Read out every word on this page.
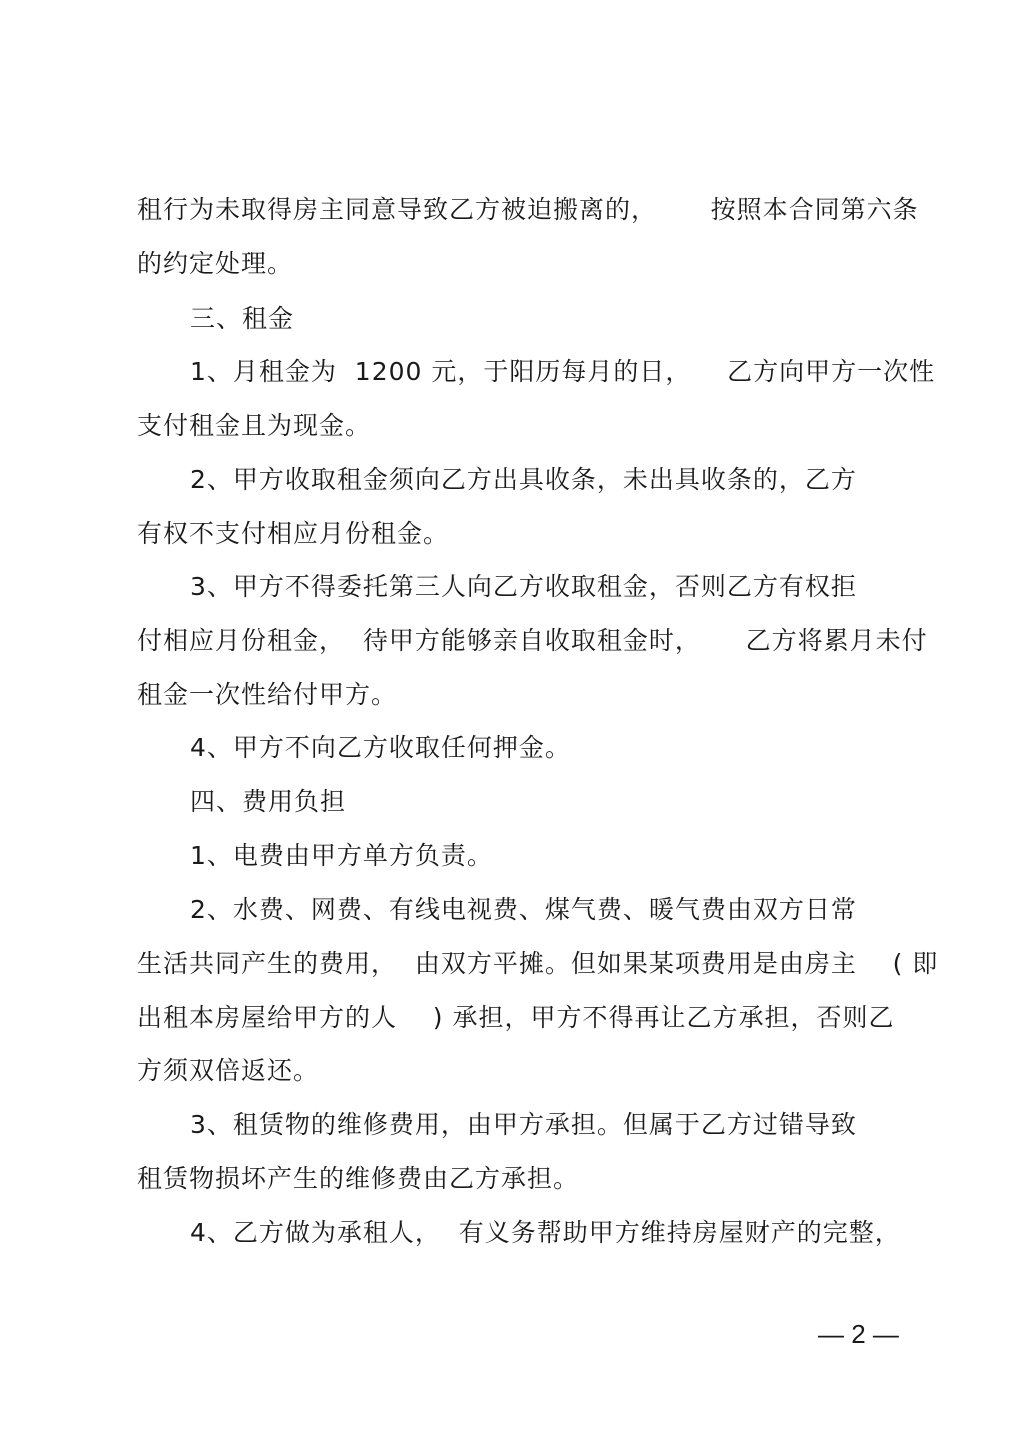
租行为未取得房主同意导致乙方被迫搬离的，      按照本合同第六条
的约定处理。
三、租金
1、月租金为  1200 元，于阳历每月的日，    乙方向甲方一次性
支付租金且为现金。
2、甲方收取租金须向乙方出具收条，未出具收条的，乙方
有权不支付相应月份租金。
3、甲方不得委托第三人向乙方收取租金，否则乙方有权拒
付相应月份租金，  待甲方能够亲自收取租金时，     乙方将累月未付
租金一次性给付甲方。
4、甲方不向乙方收取任何押金。
四、费用负担
1、电费由甲方单方负责。
2、水费、网费、有线电视费、煤气费、暖气费由双方日常
生活共同产生的费用，  由双方平摊。但如果某项费用是由房主    ( 即
出租本房屋给甲方的人    ) 承担，甲方不得再让乙方承担，否则乙
方须双倍返还。
3、租赁物的维修费用，由甲方承担。但属于乙方过错导致
租赁物损坏产生的维修费由乙方承担。
4、乙方做为承租人，  有义务帮助甲方维持房屋财产的完整，
— 2 —
